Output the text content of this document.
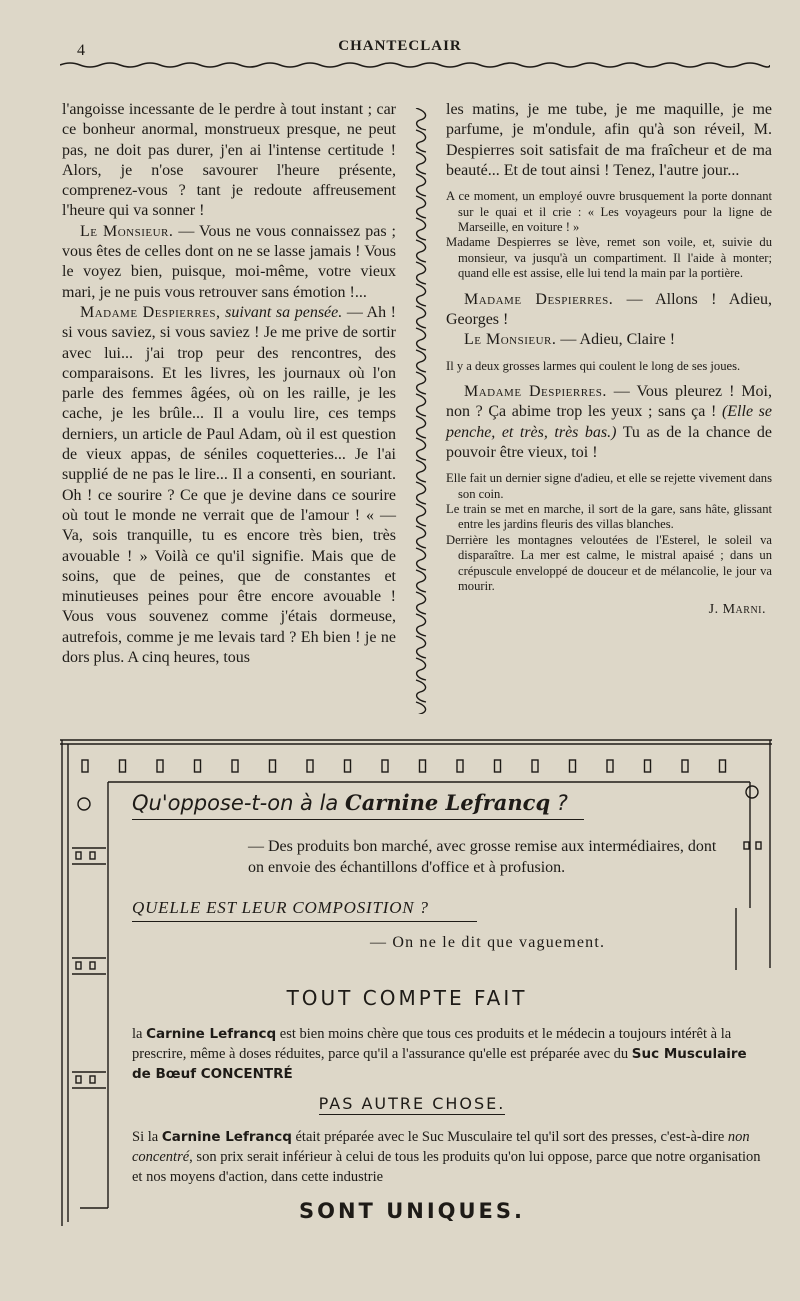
4	CHANTECLAIR

l'angoisse incessante de le perdre à tout instant ; car ce bonheur anormal, monstrueux presque, ne peut pas, ne doit pas durer, j'en ai l'intense certitude ! Alors, je n'ose savourer l'heure présente, comprenez-vous ? tant je redoute affreusement l'heure qui va sonner !

Le Monsieur. — Vous ne vous connaissez pas ; vous êtes de celles dont on ne se lasse jamais ! Vous le voyez bien, puisque, moi-même, votre vieux mari, je ne puis vous retrouver sans émotion !...

Madame Despierres, suivant sa pensée. — Ah ! si vous saviez, si vous saviez ! Je me prive de sortir avec lui... j'ai trop peur des rencontres, des comparaisons. Et les livres, les journaux où l'on parle des femmes âgées, où on les raille, je les cache, je les brûle... Il a voulu lire, ces temps derniers, un article de Paul Adam, où il est question de vieux appas, de séniles coquetteries... Je l'ai supplié de ne pas le lire... Il a consenti, en souriant. Oh ! ce sourire ? Ce que je devine dans ce sourire où tout le monde ne verrait que de l'amour ! « — Va, sois tranquille, tu es encore très bien, très avouable ! » Voilà ce qu'il signifie. Mais que de soins, que de peines, que de constantes et minutieuses peines pour être encore avouable ! Vous vous souvenez comme j'étais dormeuse, autrefois, comme je me levais tard ? Eh bien ! je ne dors plus. A cinq heures, tous

les matins, je me tube, je me maquille, je me parfume, je m'ondule, afin qu'à son réveil, M. Despierres soit satisfait de ma fraîcheur et de ma beauté... Et de tout ainsi ! Tenez, l'autre jour...

A ce moment, un employé ouvre brusquement la porte donnant sur le quai et il crie : « Les voyageurs pour la ligne de Marseille, en voiture ! »

Madame Despierres se lève, remet son voile, et, suivie du monsieur, va jusqu'à un compartiment. Il l'aide à monter; quand elle est assise, elle lui tend la main par la portière.

Madame Despierres. — Allons ! Adieu, Georges !

Le Monsieur. — Adieu, Claire !

Il y a deux grosses larmes qui coulent le long de ses joues.

Madame Despierres. — Vous pleurez ! Moi, non ? Ça abime trop les yeux ; sans ça ! (Elle se penche, et très, très bas.) Tu as de la chance de pouvoir être vieux, toi !

Elle fait un dernier signe d'adieu, et elle se rejette vivement dans son coin.

Le train se met en marche, il sort de la gare, sans hâte, glissant entre les jardins fleuris des villas blanches.

Derrière les montagnes veloutées de l'Esterel, le soleil va disparaître. La mer est calme, le mistral apaisé ; dans un crépuscule enveloppé de douceur et de mélancolie, le jour va mourir.

J. Marni.

Qu'oppose-t-on à la Carnine Lefrancq ?

— Des produits bon marché, avec grosse remise aux intermédiaires, dont on envoie des échantillons d'office et à profusion.

QUELLE EST LEUR COMPOSITION ?

— On ne le dit que vaguement.

TOUT COMPTE FAIT

la Carnine Lefrancq est bien moins chère que tous ces produits et le médecin a toujours intérêt à la prescrire, même à doses réduites, parce qu'il a l'assurance qu'elle est préparée avec du Suc Musculaire de Bœuf CONCENTRÉ

PAS AUTRE CHOSE.

Si la Carnine Lefrancq était préparée avec le Suc Musculaire tel qu'il sort des presses, c'est-à-dire non concentré, son prix serait inférieur à celui de tous les produits qu'on lui oppose, parce que notre organisation et nos moyens d'action, dans cette industrie

SONT UNIQUES.
